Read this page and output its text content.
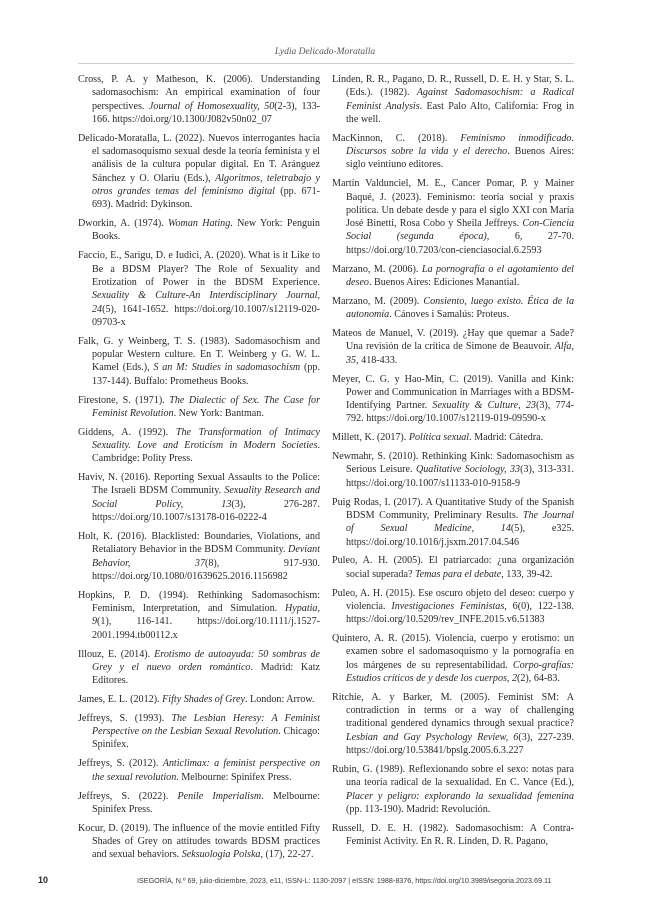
Lydia Delicado-Moratalla

Cross, P. A. y Matheson, K. (2006). Understanding sadomasochism: An empirical examination of four perspectives. Journal of Homosexuality, 50(2-3), 133-166. https://doi.org/10.1300/J082v50n02_07

Delicado-Moratalla, L. (2022). Nuevos interrogantes hacia el sadomasoquismo sexual desde la teoría feminista y el análisis de la cultura popular digital. En T. Aránguez Sánchez y O. Olariu (Eds.), Algoritmos, teletrabajo y otros grandes temas del feminismo digital (pp. 671-693). Madrid: Dykinson.

Dworkin, A. (1974). Woman Hating. New York: Penguin Books.

Faccio, E., Sarigu, D. e Iudici, A. (2020). What is it Like to Be a BDSM Player? The Role of Sexuality and Erotization of Power in the BDSM Experience. Sexuality & Culture-An Interdisciplinary Journal, 24(5), 1641-1652. https://doi.org/10.1007/s12119-020-09703-x

Falk, G. y Weinberg, T. S. (1983). Sadomasochism and popular Western culture. En T. Weinberg y G. W. L. Kamel (Eds.), S an M: Studies in sadomasochism (pp. 137-144). Buffalo: Prometheus Books.

Firestone, S. (1971). The Dialectic of Sex. The Case for Feminist Revolution. New York: Bantman.

Giddens, A. (1992). The Transformation of Intimacy Sexuality. Love and Eroticism in Modern Societies. Cambridge: Polity Press.

Haviv, N. (2016). Reporting Sexual Assaults to the Police: The Israeli BDSM Community. Sexuality Research and Social Policy, 13(3), 276-287. https://doi.org/10.1007/s13178-016-0222-4

Holt, K. (2016). Blacklisted: Boundaries, Violations, and Retaliatory Behavior in the BDSM Community. Deviant Behavior, 37(8), 917-930. https://doi.org/10.1080/01639625.2016.1156982

Hopkins, P. D. (1994). Rethinking Sadomasochism: Feminism, Interpretation, and Simulation. Hypatia, 9(1), 116-141. https://doi.org/10.1111/j.1527-2001.1994.tb00112.x

Illouz, E. (2014). Erotismo de autoayuda: 50 sombras de Grey y el nuevo orden romántico. Madrid: Katz Editores.

James, E. L. (2012). Fifty Shades of Grey. London: Arrow.

Jeffreys, S. (1993). The Lesbian Heresy: A Feminist Perspective on the Lesbian Sexual Revolution. Chicago: Spinifex.

Jeffreys, S. (2012). Anticlimax: a feminist perspective on the sexual revolution. Melbourne: Spinifex Press.

Jeffreys, S. (2022). Penile Imperialism. Melbourne: Spinifex Press.

Kocur, D. (2019). The influence of the movie entitled Fifty Shades of Grey on attitudes towards BDSM practices and sexual behaviors. Seksuologia Polska, (17), 22-27.

Linden, R. R., Pagano, D. R., Russell, D. E. H. y Star, S. L. (Eds.). (1982). Against Sadomasochism: a Radical Feminist Analysis. East Palo Alto, California: Frog in the well.

MacKinnon, C. (2018). Feminismo inmodificado. Discursos sobre la vida y el derecho. Buenos Aires: siglo veintiuno editores.

Martín Valdunciel, M. E., Cancer Pomar, P. y Mainer Baqué, J. (2023). Feminismo: teoría social y praxis política. Un debate desde y para el siglo XXI con María José Binetti, Rosa Cobo y Sheila Jeffreys. Con-Ciencia Social (segunda época), 6, 27-70. https://doi.org/10.7203/con-cienciasocial.6.2593

Marzano, M. (2006). La pornografía o el agotamiento del deseo. Buenos Aires: Ediciones Manantial.

Marzano, M. (2009). Consiento, luego existo. Ética de la autonomía. Cánoves i Samalús: Proteus.

Mateos de Manuel, V. (2019). ¿Hay que quemar a Sade? Una revisión de la crítica de Simone de Beauvoir. Alfa, 35, 418-433.

Meyer, C. G. y Hao-Min, C. (2019). Vanilla and Kink: Power and Communication in Marriages with a BDSM-Identifying Partner. Sexuality & Culture, 23(3), 774-792. https://doi.org/10.1007/s12119-019-09590-x

Millett, K. (2017). Política sexual. Madrid: Cátedra.

Newmahr, S. (2010). Rethinking Kink: Sadomasochism as Serious Leisure. Qualitative Sociology, 33(3), 313-331. https://doi.org/10.1007/s11133-010-9158-9

Puig Rodas, I. (2017). A Quantitative Study of the Spanish BDSM Community, Preliminary Results. The Journal of Sexual Medicine, 14(5), e325. https://doi.org/10.1016/j.jsxm.2017.04.546

Puleo, A. H. (2005). El patriarcado: ¿una organización social superada? Temas para el debate, 133, 39-42.

Puleo, A. H. (2015). Ese oscuro objeto del deseo: cuerpo y violencia. Investigaciones Feministas, 6(0), 122-138. https://doi.org/10.5209/rev_INFE.2015.v6.51383

Quintero, A. R. (2015). Violencia, cuerpo y erotismo: un examen sobre el sadomasoquismo y la pornografía en los márgenes de su representabilidad. Corpo-grafías: Estudios críticos de y desde los cuerpos, 2(2), 64-83.

Ritchie, A. y Barker, M. (2005). Feminist SM: A contradiction in terms or a way of challenging traditional gendered dynamics through sexual practice? Lesbian and Gay Psychology Review, 6(3), 227-239. https://doi.org/10.53841/bpslg.2005.6.3.227

Rubin, G. (1989). Reflexionando sobre el sexo: notas para una teoría radical de la sexualidad. En C. Vance (Ed.), Placer y peligro: explorando la sexualidad femenina (pp. 113-190). Madrid: Revolución.

Russell, D. E. H. (1982). Sadomasochism: A Contra-Feminist Activity. En R. R. Linden, D. R. Pagano,

10	ISEGORÍA, N.º 69, julio-diciembre, 2023, e11, ISSN-L: 1130-2097 | eISSN: 1988-8376, https://doi.org/10.3989/isegoria.2023.69.11
